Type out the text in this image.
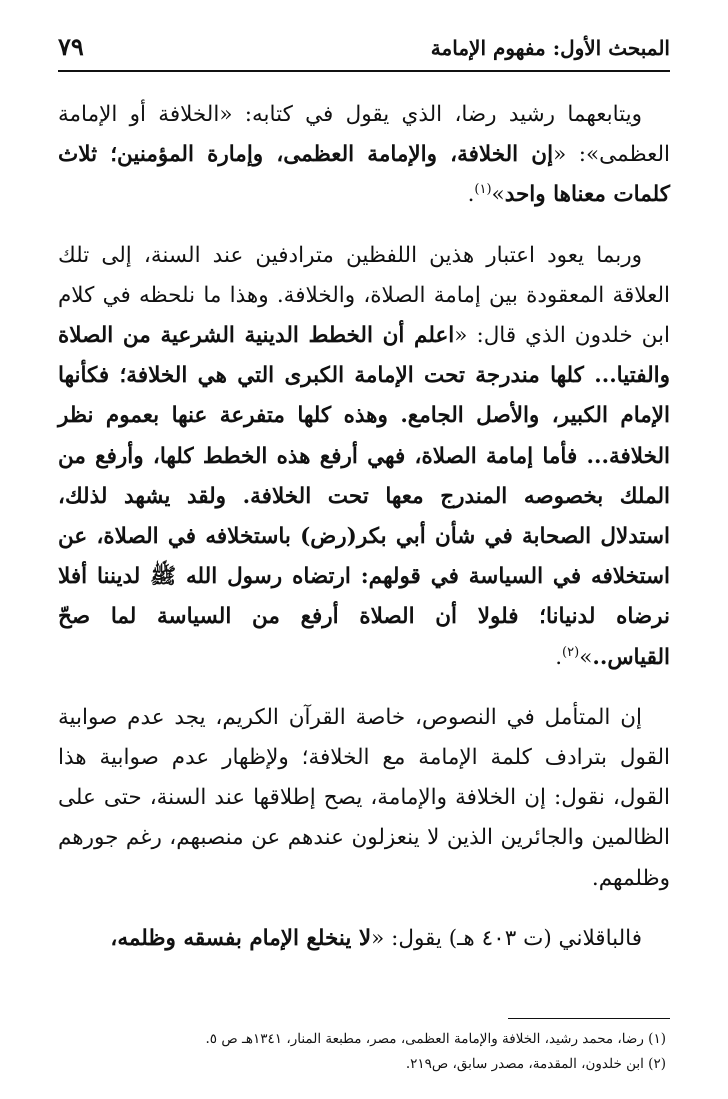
المبحث الأول: مفهوم الإمامة
٧٩

ويتابعهما رشيد رضا، الذي يقول في كتابه: «الخلافة أو الإمامة العظمى»: «إن الخلافة، والإمامة العظمى، وإمارة المؤمنين؛ ثلاث كلمات معناها واحد»$^{(١)}$.

وربما يعود اعتبار هذين اللفظين مترادفين عند السنة، إلى تلك العلاقة المعقودة بين إمامة الصلاة، والخلافة. وهذا ما نلحظه في كلام ابن خلدون الذي قال: «اعلم أن الخطط الدينية الشرعية من الصلاة والفتيا... كلها مندرجة تحت الإمامة الكبرى التي هي الخلافة؛ فكأنها الإمام الكبير، والأصل الجامع. وهذه كلها متفرعة عنها بعموم نظر الخلافة... فأما إمامة الصلاة، فهي أرفع هذه الخطط كلها، وأرفع من الملك بخصوصه المندرج معها تحت الخلافة. ولقد يشهد لذلك، استدلال الصحابة في شأن أبي بكر(رض) باستخلافه في الصلاة، عن استخلافه في السياسة في قولهم: ارتضاه رسول الله ﷺ لديننا أفلا نرضاه لدنيانا؛ فلولا أن الصلاة أرفع من السياسة لما صحّ القياس..»$^{(٢)}$.

إن المتأمل في النصوص، خاصة القرآن الكريم، يجد عدم صوابية القول بترادف كلمة الإمامة مع الخلافة؛ ولإظهار عدم صوابية هذا القول، نقول: إن الخلافة والإمامة، يصح إطلاقها عند السنة، حتى على الظالمين والجائرين الذين لا ينعزلون عندهم عن منصبهم، رغم جورهم وظلمهم.

فالباقلاني (ت ٤٠٣ هـ) يقول: «لا ينخلع الإمام بفسقه وظلمه،

(١) رضا، محمد رشيد، الخلافة والإمامة العظمى، مصر، مطبعة المنار، ١٣٤١هـ ص ٥.

(٢) ابن خلدون، المقدمة، مصدر سابق، ص٢١٩.
